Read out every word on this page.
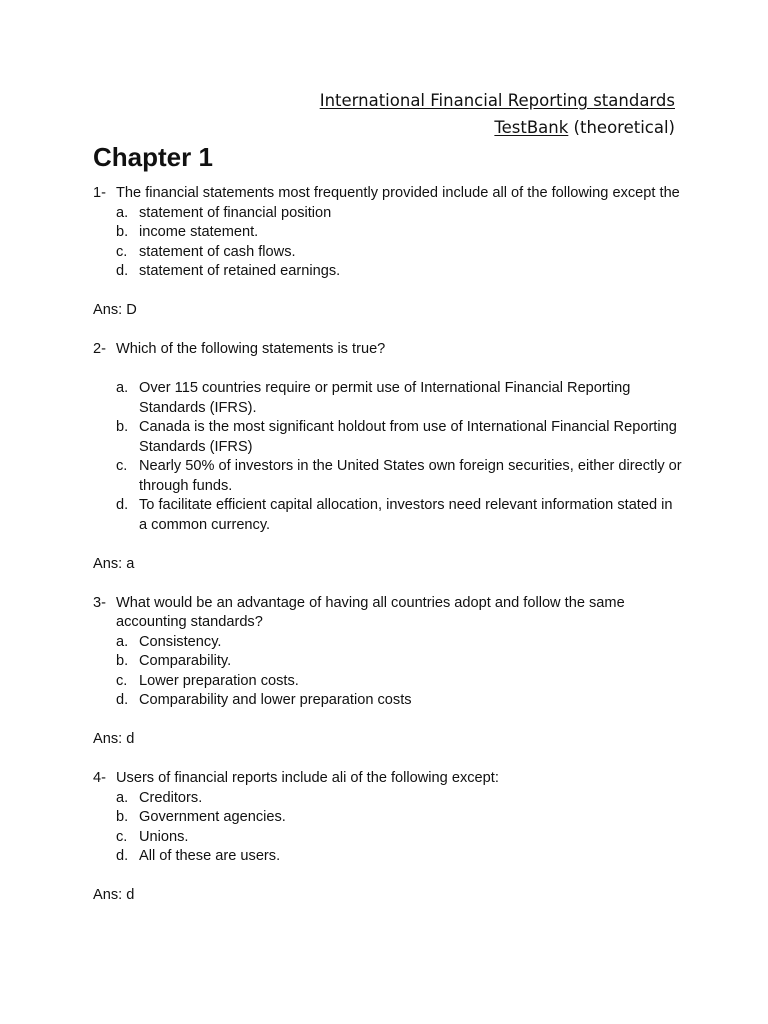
International Financial Reporting standards
TestBank (theoretical)
Chapter 1
1- The financial statements most frequently provided include all of the following except the
a. statement of financial position
b. income statement.
c. statement of cash flows.
d. statement of retained earnings.
Ans: D
2- Which of the following statements is true?
a. Over 115 countries require or permit use of International Financial Reporting Standards (IFRS).
b. Canada is the most significant holdout from use of International Financial Reporting Standards (IFRS)
c. Nearly 50% of investors in the United States own foreign securities, either directly or through funds.
d. To facilitate efficient capital allocation, investors need relevant information stated in a common currency.
Ans: a
3- What would be an advantage of having all countries adopt and follow the same accounting standards?
a. Consistency.
b. Comparability.
c. Lower preparation costs.
d. Comparability and lower preparation costs
Ans: d
4- Users of financial reports include ali of the following except:
a. Creditors.
b. Government agencies.
c. Unions.
d. All of these are users.
Ans: d
